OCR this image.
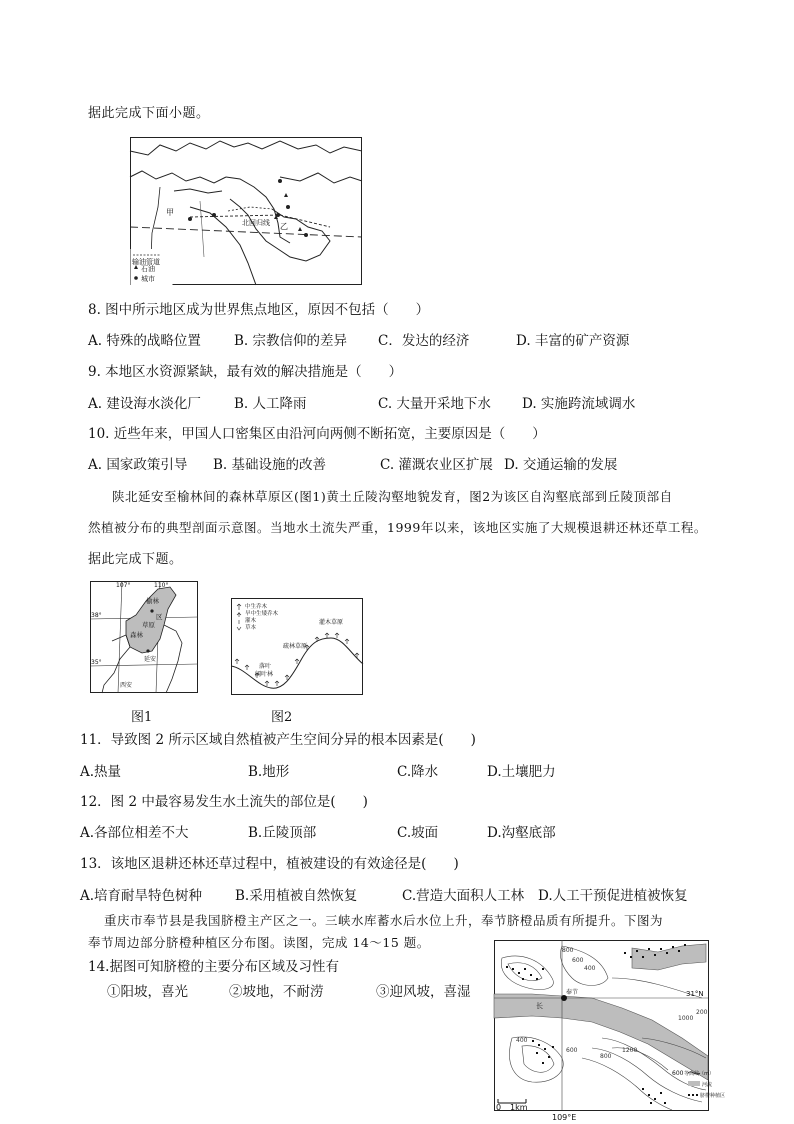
据此完成下面小题。
输油管道
石油
城市
甲
乙
北回归线
8. 图中所示地区成为世界焦点地区，原因不包括（　　）
A. 特殊的战略位置 B. 宗教信仰的差异 C．发达的经济	D. 丰富的矿产资源
9. 本地区水资源紧缺，最有效的解决措施是（　　）
A. 建设海水淡化厂 B. 人工降雨	C. 大量开采地下水 D. 实施跨流域调水
10. 近些年来，甲国人口密集区由沿河向两侧不断拓宽，主要原因是（　　）
A. 国家政策引导 B. 基础设施的改善	C. 灌溉农业区扩展 D. 交通运输的发展
陕北延安至榆林间的森林草原区(图1)黄土丘陵沟壑地貌发育，图2为该区自沟壑底部到丘陵顶部自
然植被分布的典型剖面示意图。当地水土流失严重，1999年以来，该地区实施了大规模退耕还林还草工程。
据此完成下题。
107°	110°
38°
35°
榆林
森林
草原
区
延安
西安
图1
中生乔木
旱中生矮乔木
灌木
草本
灌木草原
疏林草原
落叶
阔叶林
图2
11．导致图 2 所示区域自然植被产生空间分异的根本因素是(　　)
A.热量	B.地形	C.降水	D.土壤肥力
12．图 2 中最容易发生水土流失的部位是(　　)
A.各部位相差不大	B.丘陵顶部	C.坡面	D.沟壑底部
13．该地区退耕还林还草过程中，植被建设的有效途径是(　　)
A.培育耐旱特色树种 B.采用植被自然恢复	C.营造大面积人工林 D.人工干预促进植被恢复
重庆市奉节县是我国脐橙主产区之一。三峡水库蓄水后水位上升，奉节脐橙品质有所提升。下图为
奉节周边部分脐橙种植区分布图。读图，完成 14～15 题。
14.据图可知脐橙的主要分布区域及习性有
①阳坡，喜光	②坡地，不耐涝	③迎风坡，喜湿
0 1km
109°E
31°N
长
奉节
800
600
400
200
1000
1200
800
400
600
600 等高线（m）
河流
脐橙种植区
